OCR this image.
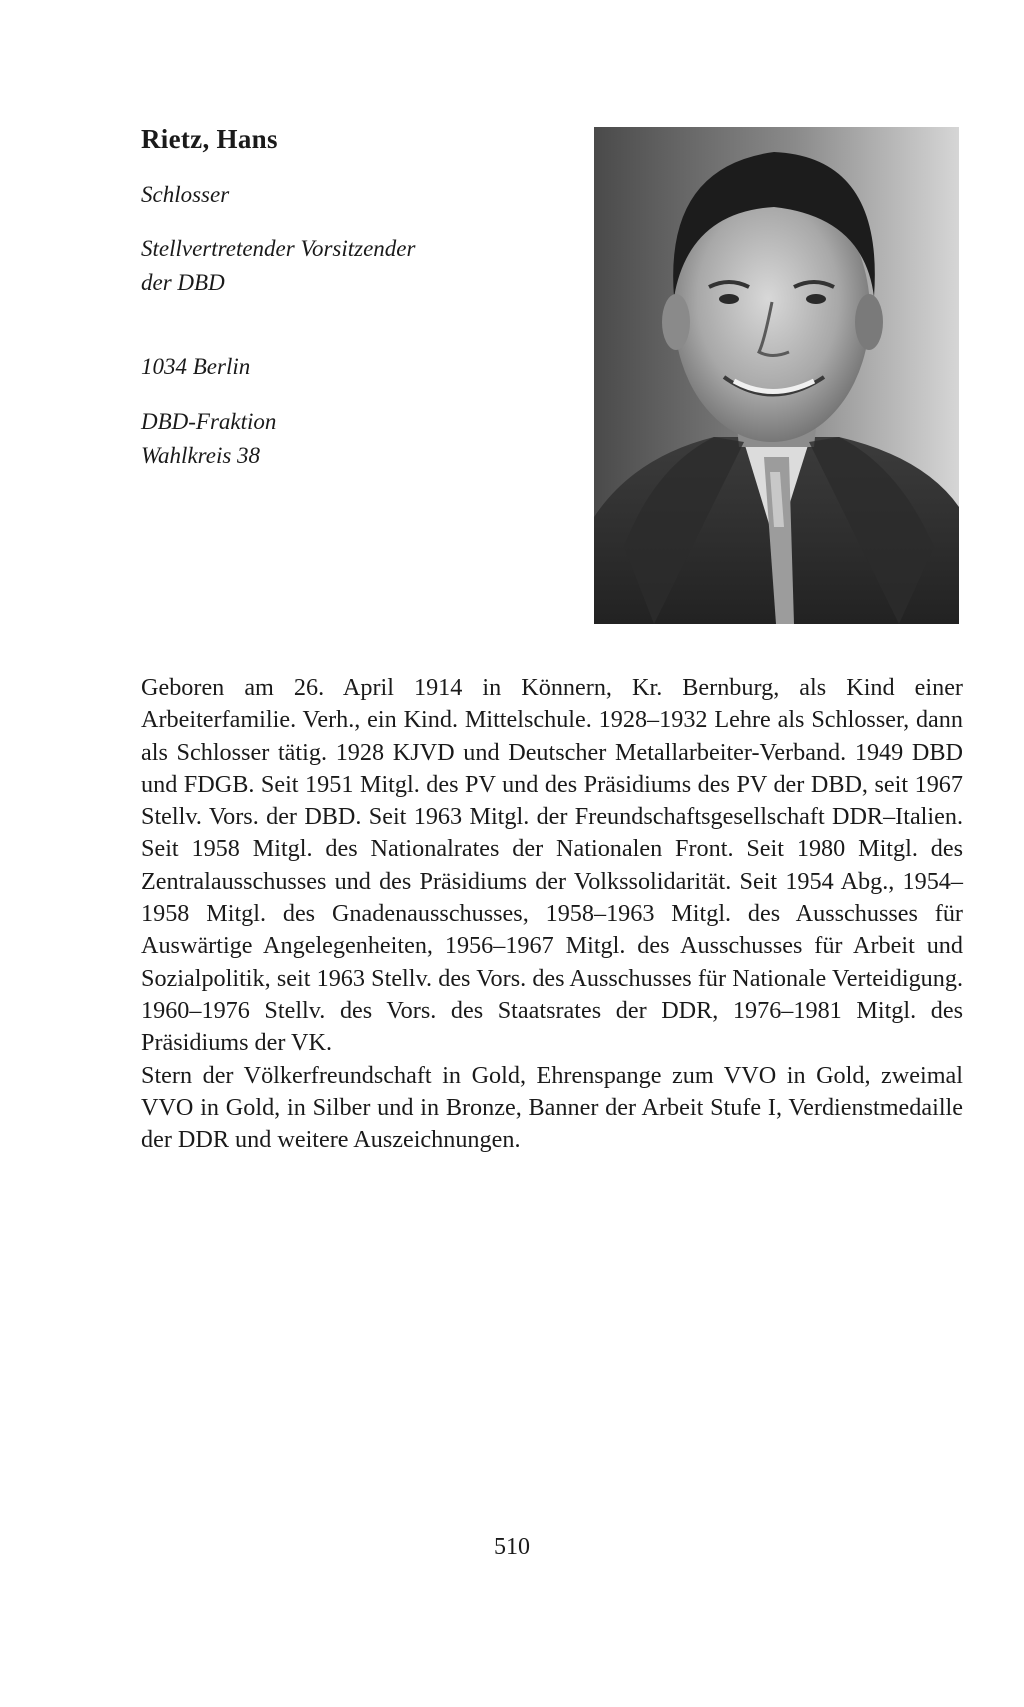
Rietz, Hans
Schlosser
Stellvertretender Vorsitzender
der DBD
1034 Berlin
DBD-Fraktion
Wahlkreis 38

Geboren am 26. April 1914 in Könnern, Kr. Bernburg, als Kind einer Arbeiterfamilie. Verh., ein Kind. Mittelschule. 1928–1932 Lehre als Schlosser, dann als Schlosser tätig. 1928 KJVD und Deutscher Metallarbeiter-Verband. 1949 DBD und FDGB. Seit 1951 Mitgl. des PV und des Präsidiums des PV der DBD, seit 1967 Stellv. Vors. der DBD. Seit 1963 Mitgl. der Freundschaftsgesellschaft DDR–Italien. Seit 1958 Mitgl. des Nationalrates der Nationalen Front. Seit 1980 Mitgl. des Zentralausschusses und des Präsidiums der Volkssolidarität. Seit 1954 Abg., 1954–1958 Mitgl. des Gnadenausschusses, 1958–1963 Mitgl. des Ausschusses für Auswärtige Angelegenheiten, 1956–1967 Mitgl. des Ausschusses für Arbeit und Sozialpolitik, seit 1963 Stellv. des Vors. des Ausschusses für Nationale Verteidigung. 1960–1976 Stellv. des Vors. des Staatsrates der DDR, 1976–1981 Mitgl. des Präsidiums der VK.

Stern der Völkerfreundschaft in Gold, Ehrenspange zum VVO in Gold, zweimal VVO in Gold, in Silber und in Bronze, Banner der Arbeit Stufe I, Verdienstmedaille der DDR und weitere Auszeichnungen.

510
